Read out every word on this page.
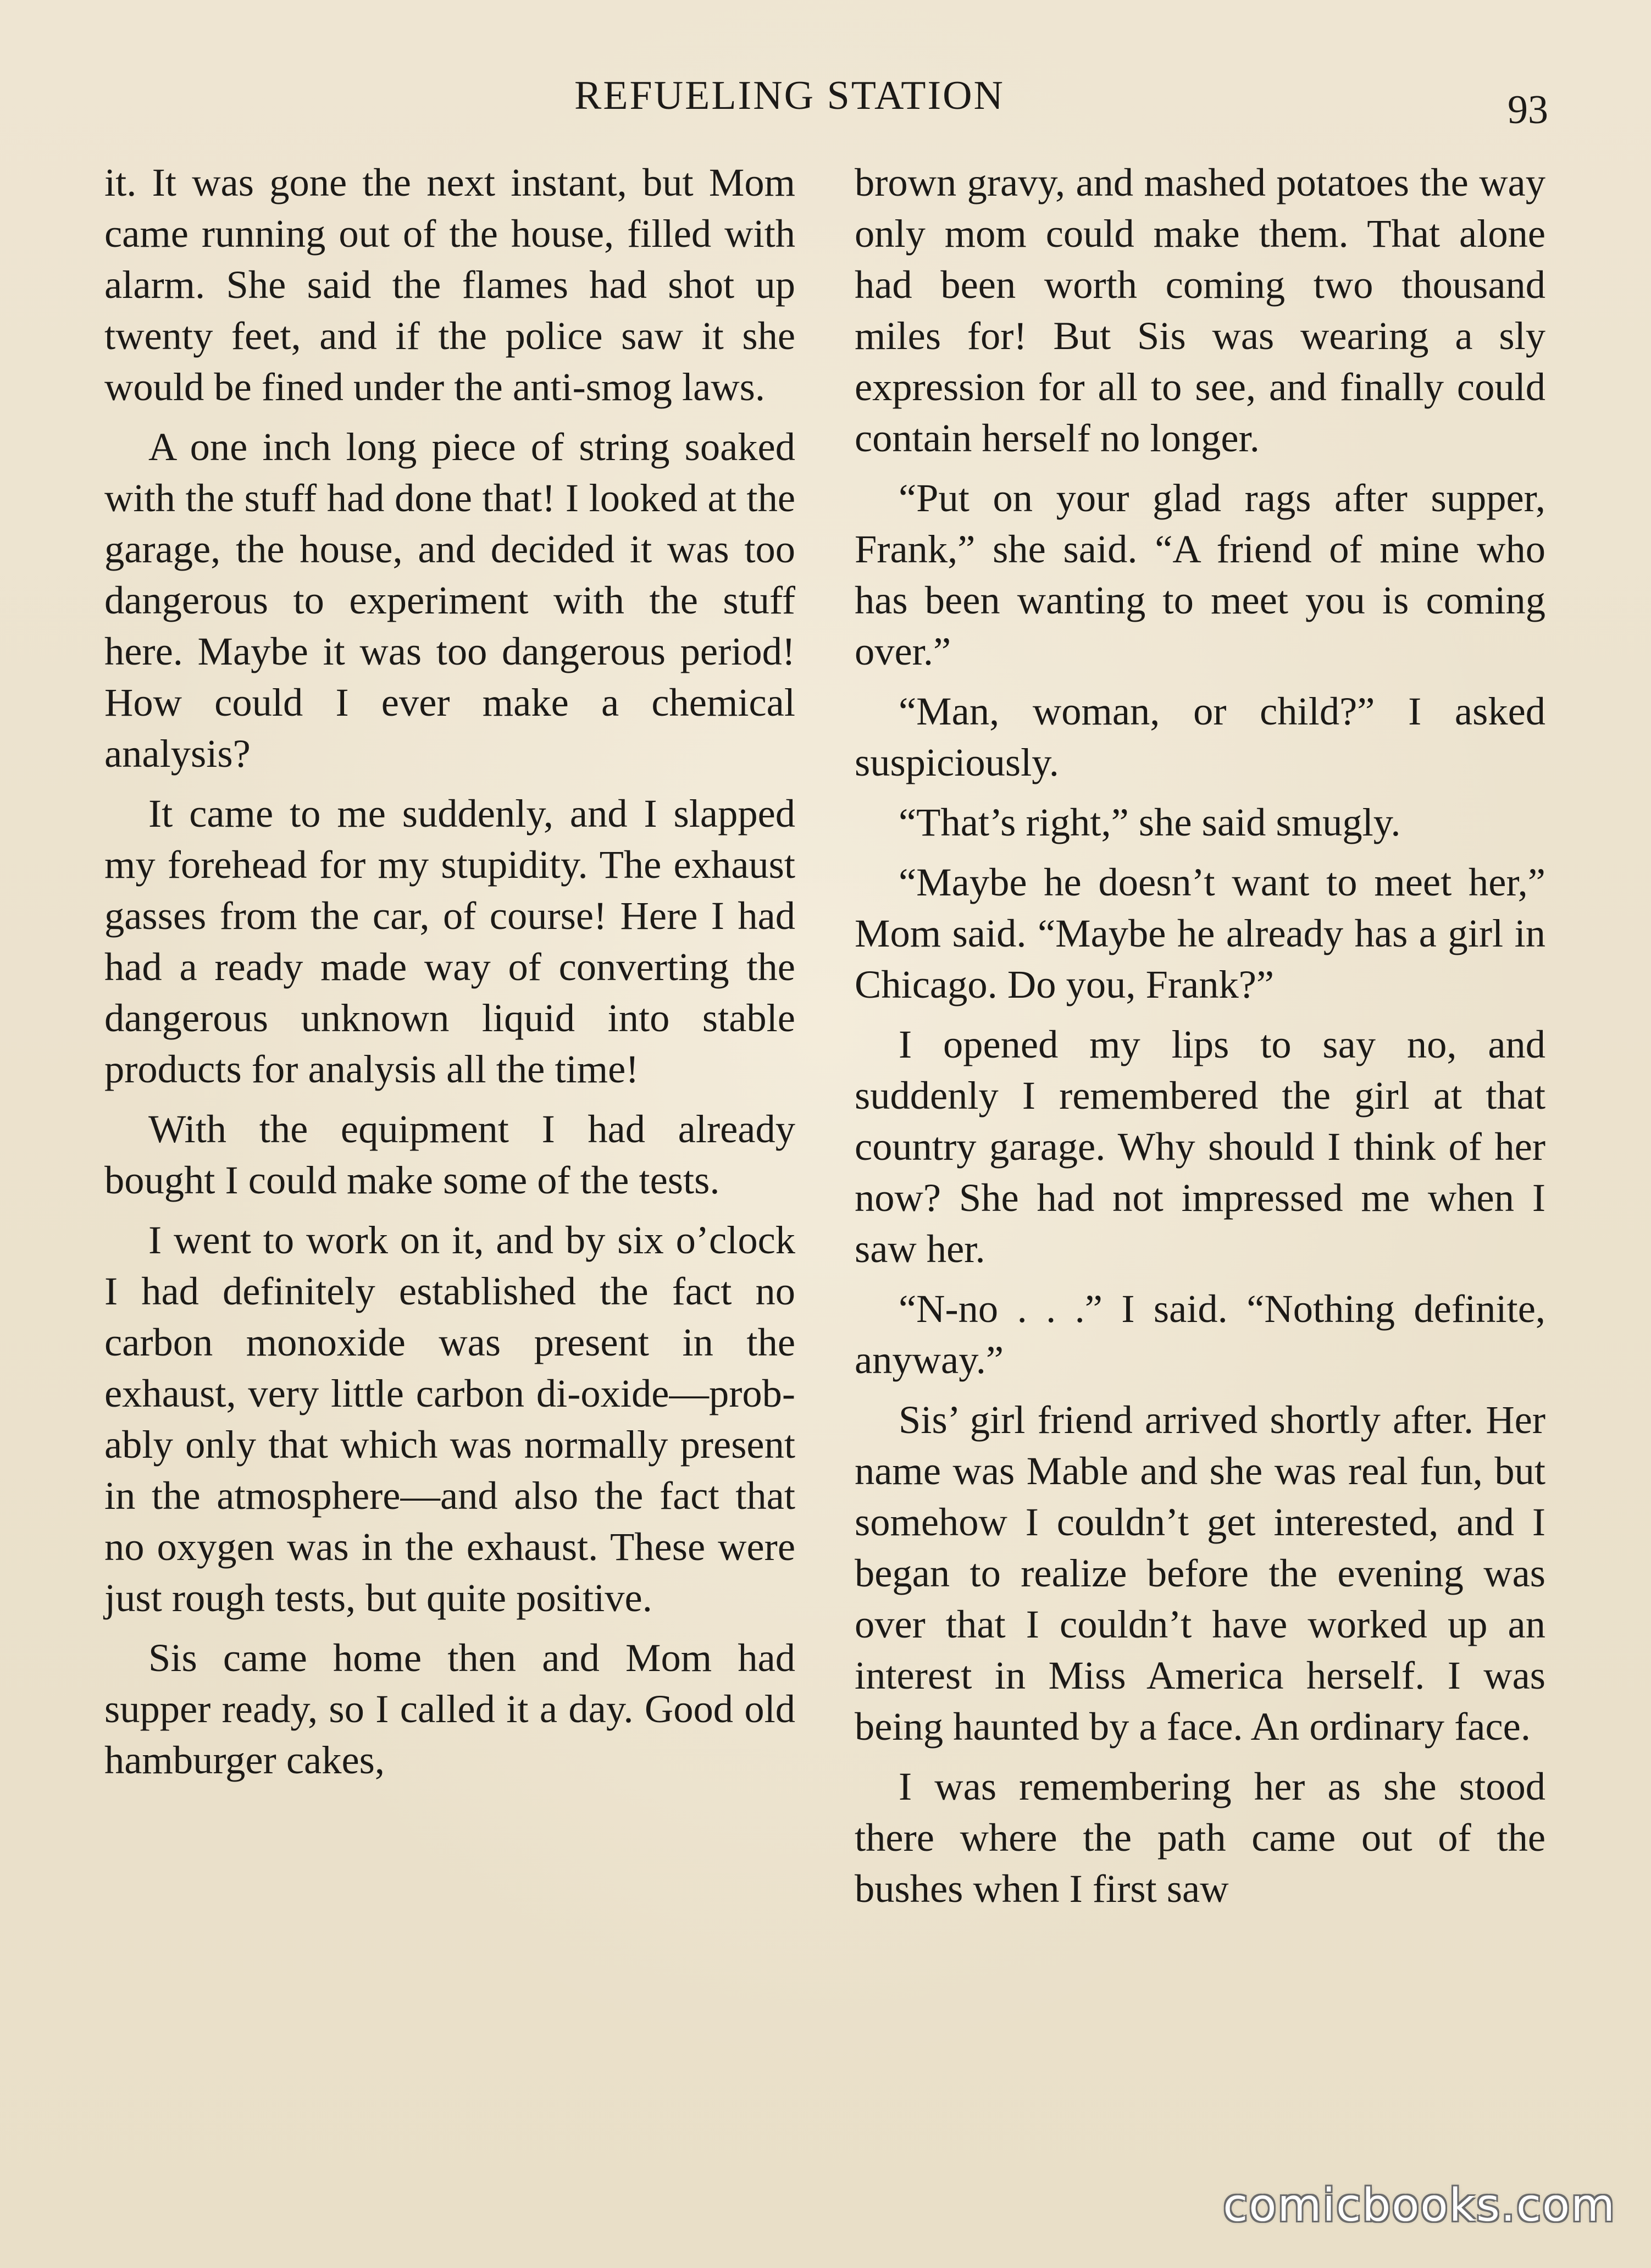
REFUELING STATION	93

it. It was gone the next instant, but Mom came running out of the house, filled with alarm. She said the flames had shot up twenty feet, and if the police saw it she would be fined under the anti-smog laws.

A one inch long piece of string soaked with the stuff had done that! I looked at the garage, the house, and decided it was too dangerous to experiment with the stuff here. Maybe it was too dangerous period! How could I ever make a chemical analysis?

It came to me suddenly, and I slapped my forehead for my stupidity. The exhaust gasses from the car, of course! Here I had had a ready made way of converting the dangerous unknown liquid into stable products for analysis all the time!

With the equipment I had already bought I could make some of the tests.

I went to work on it, and by six o’clock I had definitely established the fact no carbon monoxide was present in the exhaust, very little carbon di-oxide—probably only that which was normally present in the atmosphere—and also the fact that no oxygen was in the exhaust. These were just rough tests, but quite positive.

Sis came home then and Mom had supper ready, so I called it a day. Good old hamburger cakes,

brown gravy, and mashed potatoes the way only mom could make them. That alone had been worth coming two thousand miles for! But Sis was wearing a sly expression for all to see, and finally could contain herself no longer.

“Put on your glad rags after supper, Frank,” she said. “A friend of mine who has been wanting to meet you is coming over.”

“Man, woman, or child?” I asked suspiciously.

“That’s right,” she said smugly.

“Maybe he doesn’t want to meet her,” Mom said. “Maybe he already has a girl in Chicago. Do you, Frank?”

I opened my lips to say no, and suddenly I remembered the girl at that country garage. Why should I think of her now? She had not impressed me when I saw her.

“N-no . . .” I said. “Nothing definite, anyway.”

Sis’ girl friend arrived shortly after. Her name was Mable and she was real fun, but somehow I couldn’t get interested, and I began to realize before the evening was over that I couldn’t have worked up an interest in Miss America herself. I was being haunted by a face. An ordinary face.

I was remembering her as she stood there where the path came out of the bushes when I first saw

comicbooks.com
